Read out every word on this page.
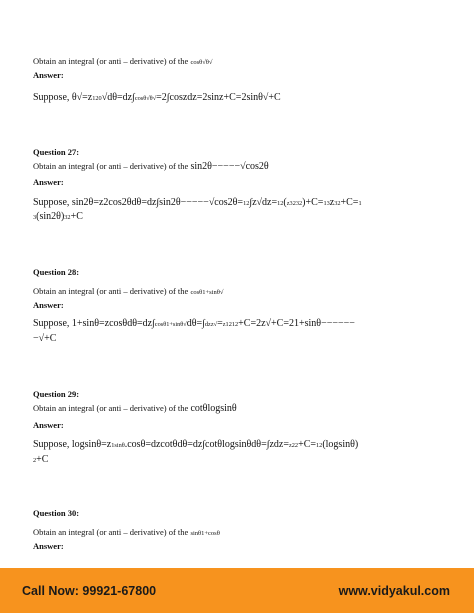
Obtain an integral (or anti – derivative) of the cosθ√θ√
Answer:
Suppose, θ√=z120√dθ=dz∫cosθ√θ√=2∫coszdz=2sinz+C=2sinθ√+C
Question 27:
Obtain an integral (or anti – derivative) of the sin2θ−−−−−√cos2θ
Answer:
Suppose, sin2θ=z2cos2θdθ=dz∫sin2θ−−−−−√cos2θ=12∫z√dz=12(z3232)+C=13z32+C=1
3(sin2θ)32+C
Question 28:
Obtain an integral (or anti – derivative) of the cosθ1+sinθ√
Answer:
Suppose, 1+sinθ=zcosθdθ=dz∫cosθ1+sinθ√dθ=∫dzz√=z1212+C=2z√+C=21+sinθ−−−−−−
−√+C
Question 29:
Obtain an integral (or anti – derivative) of the cotθlogsinθ
Answer:
Suppose, logsinθ=z1sinθ.cosθ=dzcotθdθ=dz∫cotθlogsinθdθ=∫zdz=z22+C=12(logsinθ)
2+C
Question 30:
Obtain an integral (or anti – derivative) of the sinθ1+cosθ
Answer:
Call Now: 99921-67800	www.vidyakul.com
